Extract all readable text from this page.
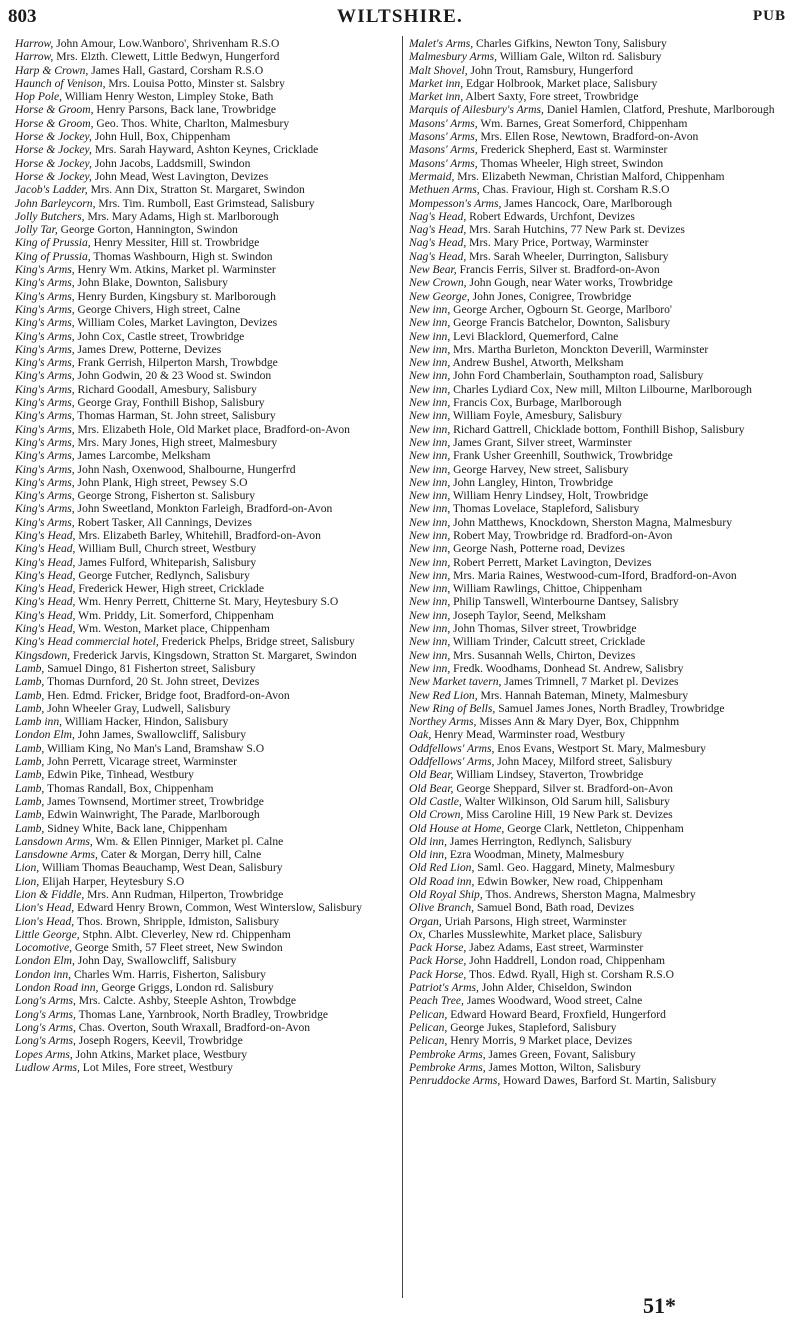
803	WILTSHIRE.	PUB
Harrow, John Amour, Low.Wanboro', Shrivenham R.S.O
Harrow, Mrs. Elzth. Clewett, Little Bedwyn, Hungerford
Harp & Crown, James Hall, Gastard, Corsham R.S.O
Haunch of Venison, Mrs. Louisa Potto, Minster st. Salsbry
Hop Pole, William Henry Weston, Limpley Stoke, Bath
Horse & Groom, Henry Parsons, Back lane, Trowbridge
Horse & Groom, Geo. Thos. White, Charlton, Malmesbury
Horse & Jockey, John Hull, Box, Chippenham
Horse & Jockey, Mrs. Sarah Hayward, Ashton Keynes, Cricklade
Horse & Jockey, John Jacobs, Laddsmill, Swindon
Horse & Jockey, John Mead, West Lavington, Devizes
Jacob's Ladder, Mrs. Ann Dix, Stratton St. Margaret, Swindon
John Barleycorn, Mrs. Tim. Rumboll, East Grimstead, Salisbury
Jolly Butchers, Mrs. Mary Adams, High st. Marlborough
Jolly Tar, George Gorton, Hannington, Swindon
King of Prussia, Henry Messiter, Hill st. Trowbridge
King of Prussia, Thomas Washbourn, High st. Swindon
King's Arms, Henry Wm. Atkins, Market pl. Warminster
King's Arms, John Blake, Downton, Salisbury
King's Arms, Henry Burden, Kingsbury st. Marlborough
King's Arms, George Chivers, High street, Calne
King's Arms, William Coles, Market Lavington, Devizes
King's Arms, John Cox, Castle street, Trowbridge
King's Arms, James Drew, Potterne, Devizes
King's Arms, Frank Gerrish, Hilperton Marsh, Trowbdge
King's Arms, John Godwin, 20 & 23 Wood st. Swindon
King's Arms, Richard Goodall, Amesbury, Salisbury
King's Arms, George Gray, Fonthill Bishop, Salisbury
King's Arms, Thomas Harman, St. John street, Salisbury
King's Arms, Mrs. Elizabeth Hole, Old Market place, Bradford-on-Avon
King's Arms, Mrs. Mary Jones, High street, Malmesbury
King's Arms, James Larcombe, Melksham
King's Arms, John Nash, Oxenwood, Shalbourne, Hungerfrd
King's Arms, John Plank, High street, Pewsey S.O
King's Arms, George Strong, Fisherton st. Salisbury
King's Arms, John Sweetland, Monkton Farleigh, Bradford-on-Avon
King's Arms, Robert Tasker, All Cannings, Devizes
King's Head, Mrs. Elizabeth Barley, Whitehill, Bradford-on-Avon
King's Head, William Bull, Church street, Westbury
King's Head, James Fulford, Whiteparish, Salisbury
King's Head, George Futcher, Redlynch, Salisbury
King's Head, Frederick Hewer, High street, Cricklade
King's Head, Wm. Henry Perrett, Chitterne St. Mary, Heytesbury S.O
King's Head, Wm. Priddy, Lit. Somerford, Chippenham
King's Head, Wm. Weston, Market place, Chippenham
King's Head commercial hotel, Frederick Phelps, Bridge street, Salisbury
Kingsdown, Frederick Jarvis, Kingsdown, Stratton St. Margaret, Swindon
Lamb, Samuel Dingo, 81 Fisherton street, Salisbury
Lamb, Thomas Durnford, 20 St. John street, Devizes
Lamb, Hen. Edmd. Fricker, Bridge foot, Bradford-on-Avon
Lamb, John Wheeler Gray, Ludwell, Salisbury
Lamb inn, William Hacker, Hindon, Salisbury
London Elm, John James, Swallowcliff, Salisbury
Lamb, William King, No Man's Land, Bramshaw S.O
Lamb, John Perrett, Vicarage street, Warminster
Lamb, Edwin Pike, Tinhead, Westbury
Lamb, Thomas Randall, Box, Chippenham
Lamb, James Townsend, Mortimer street, Trowbridge
Lamb, Edwin Wainwright, The Parade, Marlborough
Lamb, Sidney White, Back lane, Chippenham
Lansdown Arms, Wm. & Ellen Pinniger, Market pl. Calne
Lansdowne Arms, Cater & Morgan, Derry hill, Calne
Lion, William Thomas Beauchamp, West Dean, Salisbury
Lion, Elijah Harper, Heytesbury S.O
Lion & Fiddle, Mrs. Ann Rudman, Hilperton, Trowbridge
Lion's Head, Edward Henry Brown, Common, West Winterslow, Salisbury
Lion's Head, Thos. Brown, Shripple, Idmiston, Salisbury
Little George, Stphn. Albt. Cleverley, New rd. Chippenham
Locomotive, George Smith, 57 Fleet street, New Swindon
London Elm, John Day, Swallowcliff, Salisbury
London inn, Charles Wm. Harris, Fisherton, Salisbury
London Road inn, George Griggs, London rd. Salisbury
Long's Arms, Mrs. Calcte. Ashby, Steeple Ashton, Trowbdge
Long's Arms, Thomas Lane, Yarnbrook, North Bradley, Trowbridge
Long's Arms, Chas. Overton, South Wraxall, Bradford-on-Avon
Long's Arms, Joseph Rogers, Keevil, Trowbridge
Lopes Arms, John Atkins, Market place, Westbury
Ludlow Arms, Lot Miles, Fore street, Westbury
Malet's Arms, Charles Gifkins, Newton Tony, Salisbury
Malmesbury Arms, William Gale, Wilton rd. Salisbury
Malt Shovel, John Trout, Ramsbury, Hungerford
Market inn, Edgar Holbrook, Market place, Salisbury
Market inn, Albert Saxty, Fore street, Trowbridge
Marquis of Ailesbury's Arms, Daniel Hamlen, Clatford, Preshute, Marlborough
Masons' Arms, Wm. Barnes, Great Somerford, Chippenham
Masons' Arms, Mrs. Ellen Rose, Newtown, Bradford-on-Avon
Masons' Arms, Frederick Shepherd, East st. Warminster
Masons' Arms, Thomas Wheeler, High street, Swindon
Mermaid, Mrs. Elizabeth Newman, Christian Malford, Chippenham
Methuen Arms, Chas. Fraviour, High st. Corsham R.S.O
Mompesson's Arms, James Hancock, Oare, Marlborough
Nag's Head, Robert Edwards, Urchfont, Devizes
Nag's Head, Mrs. Sarah Hutchins, 77 New Park st. Devizes
Nag's Head, Mrs. Mary Price, Portway, Warminster
Nag's Head, Mrs. Sarah Wheeler, Durrington, Salisbury
New Bear, Francis Ferris, Silver st. Bradford-on-Avon
New Crown, John Gough, near Water works, Trowbridge
New George, John Jones, Conigree, Trowbridge
New inn, George Archer, Ogbourn St. George, Marlboro'
New inn, George Francis Batchelor, Downton, Salisbury
New inn, Levi Blacklord, Quemerford, Calne
New inn, Mrs. Martha Burleton, Monckton Deverill, Warminster
New inn, Andrew Bushel, Atworth, Melksham
New inn, John Ford Chamberlain, Southampton road, Salisbury
New inn, Charles Lydiard Cox, New mill, Milton Lilbourne, Marlborough
New inn, Francis Cox, Burbage, Marlborough
New inn, William Foyle, Amesbury, Salisbury
New inn, Richard Gattrell, Chicklade bottom, Fonthill Bishop, Salisbury
New inn, James Grant, Silver street, Warminster
New inn, Frank Usher Greenhill, Southwick, Trowbridge
New inn, George Harvey, New street, Salisbury
New inn, John Langley, Hinton, Trowbridge
New inn, William Henry Lindsey, Holt, Trowbridge
New inn, Thomas Lovelace, Stapleford, Salisbury
New inn, John Matthews, Knockdown, Sherston Magna, Malmesbury
New inn, Robert May, Trowbridge rd. Bradford-on-Avon
New inn, George Nash, Potterne road, Devizes
New inn, Robert Perrett, Market Lavington, Devizes
New inn, Mrs. Maria Raines, Westwood-cum-Iford, Bradford-on-Avon
New inn, William Rawlings, Chittoe, Chippenham
New inn, Philip Tanswell, Winterbourne Dantsey, Salisbry
New inn, Joseph Taylor, Seend, Melksham
New inn, John Thomas, Silver street, Trowbridge
New inn, William Trinder, Calcutt street, Cricklade
New inn, Mrs. Susannah Wells, Chirton, Devizes
New inn, Fredk. Woodhams, Donhead St. Andrew, Salisbry
New Market tavern, James Trimnell, 7 Market pl. Devizes
New Red Lion, Mrs. Hannah Bateman, Minety, Malmesbury
New Ring of Bells, Samuel James Jones, North Bradley, Trowbridge
Northey Arms, Misses Ann & Mary Dyer, Box, Chippnhm
Oak, Henry Mead, Warminster road, Westbury
Oddfellows' Arms, Enos Evans, Westport St. Mary, Malmesbury
Oddfellows' Arms, John Macey, Milford street, Salisbury
Old Bear, William Lindsey, Staverton, Trowbridge
Old Bear, George Sheppard, Silver st. Bradford-on-Avon
Old Castle, Walter Wilkinson, Old Sarum hill, Salisbury
Old Crown, Miss Caroline Hill, 19 New Park st. Devizes
Old House at Home, George Clark, Nettleton, Chippenham
Old inn, James Herrington, Redlynch, Salisbury
Old inn, Ezra Woodman, Minety, Malmesbury
Old Red Lion, Saml. Geo. Haggard, Minety, Malmesbury
Old Road inn, Edwin Bowker, New road, Chippenham
Old Royal Ship, Thos. Andrews, Sherston Magna, Malmesbry
Olive Branch, Samuel Bond, Bath road, Devizes
Organ, Uriah Parsons, High street, Warminster
Ox, Charles Musslewhite, Market place, Salisbury
Pack Horse, Jabez Adams, East street, Warminster
Pack Horse, John Haddrell, London road, Chippenham
Pack Horse, Thos. Edwd. Ryall, High st. Corsham R.S.O
Patriot's Arms, John Alder, Chiseldon, Swindon
Peach Tree, James Woodward, Wood street, Calne
Pelican, Edward Howard Beard, Froxfield, Hungerford
Pelican, George Jukes, Stapleford, Salisbury
Pelican, Henry Morris, 9 Market place, Devizes
Pembroke Arms, James Green, Fovant, Salisbury
Pembroke Arms, James Motton, Wilton, Salisbury
Penruddocke Arms, Howard Dawes, Barford St. Martin, Salisbury
51*
